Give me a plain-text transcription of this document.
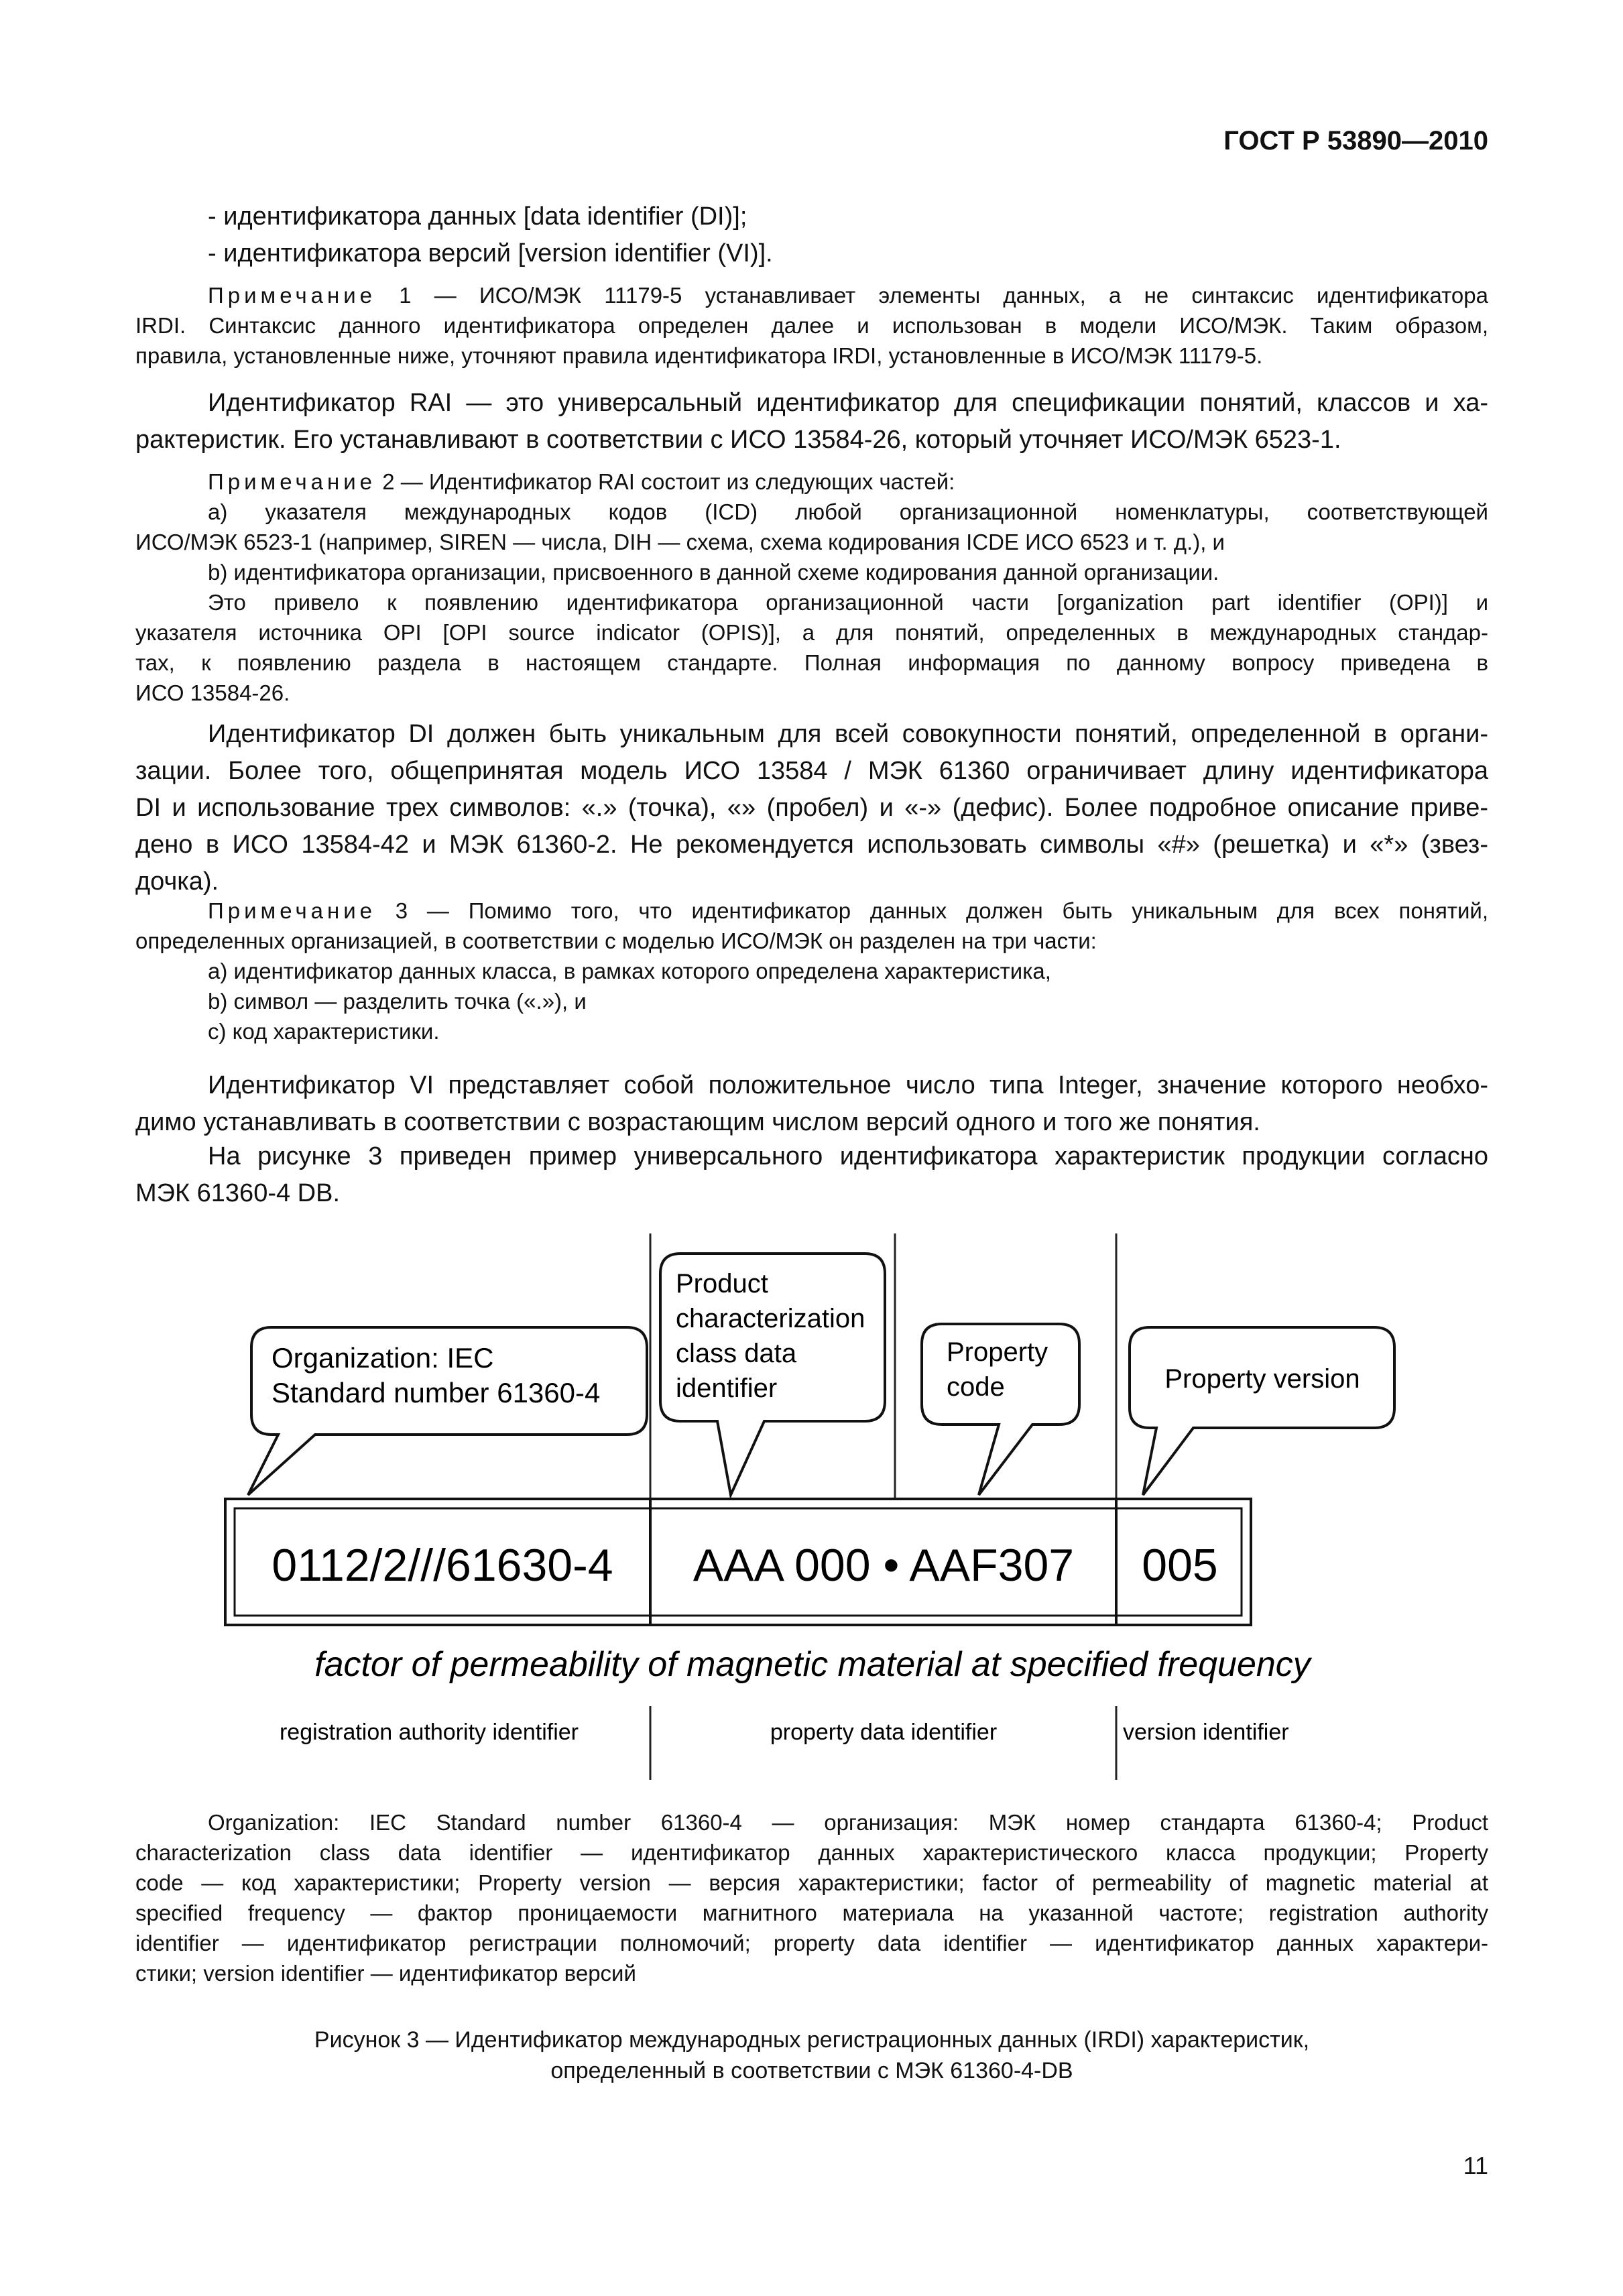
ГОСТ Р 53890—2010
- идентификатора данных [data identifier (DI)];
- идентификатора версий [version identifier (VI)].
Примечание 1 — ИСО/МЭК 11179-5 устанавливает элементы данных, а не синтаксис идентификатора
IRDI. Синтаксис данного идентификатора определен далее и использован в модели ИСО/МЭК. Таким образом,
правила, установленные ниже, уточняют правила идентификатора IRDI, установленные в ИСО/МЭК 11179-5.
Идентификатор RAI — это универсальный идентификатор для спецификации понятий, классов и ха-
рактеристик. Его устанавливают в соответствии с ИСО 13584-26, который уточняет ИСО/МЭК 6523-1.
Примечание 2 — Идентификатор RAI состоит из следующих частей:
a) указателя международных кодов (ICD) любой организационной номенклатуры, соответствующей
ИСО/МЭК 6523-1 (например, SIREN — числа, DIH — схема, схема кодирования ICDE ИСО 6523 и т. д.), и
b) идентификатора организации, присвоенного в данной схеме кодирования данной организации.
Это привело к появлению идентификатора организационной части [organization part identifier (OPI)] и
указателя источника OPI [OPI source indicator (OPIS)], а для понятий, определенных в международных стандар-
тах, к появлению раздела в настоящем стандарте. Полная информация по данному вопросу приведена в
ИСО 13584-26.
Идентификатор DI должен быть уникальным для всей совокупности понятий, определенной в органи-
зации. Более того, общепринятая модель ИСО 13584 / МЭК 61360 ограничивает длину идентификатора
DI и использование трех символов: «.» (точка), «» (пробел) и «-» (дефис). Более подробное описание приве-
дено в ИСО 13584-42 и МЭК 61360-2. Не рекомендуется использовать символы «#» (решетка) и «*» (звез-
дочка).
Примечание 3 — Помимо того, что идентификатор данных должен быть уникальным для всех понятий,
определенных организацией, в соответствии с моделью ИСО/МЭК он разделен на три части:
a) идентификатор данных класса, в рамках которого определена характеристика,
b) символ — разделить точка («.»), и
c) код характеристики.
Идентификатор VI представляет собой положительное число типа Integer, значение которого необхо-
димо устанавливать в соответствии с возрастающим числом версий одного и того же понятия.
На рисунке 3 приведен пример универсального идентификатора характеристик продукции согласно
МЭК 61360-4 DB.
Organization: IEC
Standard number 61360-4
Product
characterization
class data
identifier
Property
code	Property version
0112/2///61630-4 AAA 000 • AAF307 005
factor of permeability of magnetic material at specified frequency
registration authority identifier	property data identifier	version identifier
Organization: IEC Standard number 61360-4 — организация: МЭК номер стандарта 61360-4; Product
characterization class data identifier — идентификатор данных характеристического класса продукции; Property
code — код характеристики; Property version — версия характеристики; factor of permeability of magnetic material at
specified frequency — фактор проницаемости магнитного материала на указанной частоте; registration authority
identifier — идентификатор регистрации полномочий; property data identifier — идентификатор данных характери-
стики; version identifier — идентификатор версий
Рисунок 3 — Идентификатор международных регистрационных данных (IRDI) характеристик,
определенный в соответствии с МЭК 61360-4-DB
11
